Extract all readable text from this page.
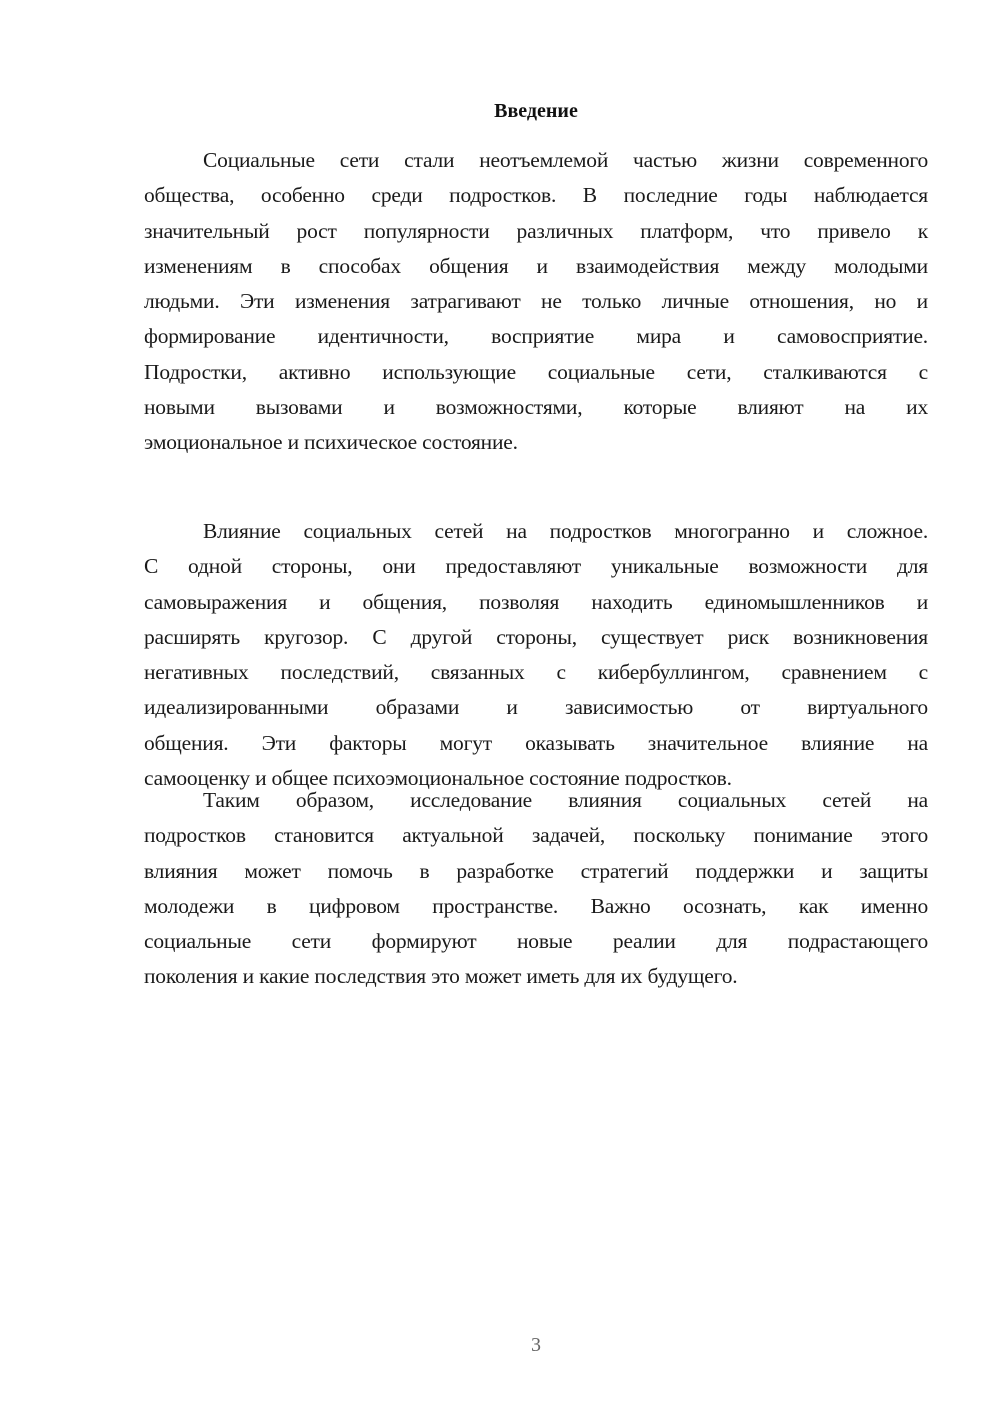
Введение
Социальные сети стали неотъемлемой частью жизни современного
общества, особенно среди подростков. В последние годы наблюдается
значительный рост популярности различных платформ, что привело к
изменениям в способах общения и взаимодействия между молодыми
людьми. Эти изменения затрагивают не только личные отношения, но и
формирование идентичности, восприятие мира и самовосприятие.
Подростки, активно использующие социальные сети, сталкиваются с
новыми вызовами и возможностями, которые влияют на их
эмоциональное и психическое состояние.
Влияние социальных сетей на подростков многогранно и сложное.
С одной стороны, они предоставляют уникальные возможности для
самовыражения и общения, позволяя находить единомышленников и
расширять кругозор. С другой стороны, существует риск возникновения
негативных последствий, связанных с кибербуллингом, сравнением с
идеализированными образами и зависимостью от виртуального
общения. Эти факторы могут оказывать значительное влияние на
самооценку и общее психоэмоциональное состояние подростков.
Таким образом, исследование влияния социальных сетей на
подростков становится актуальной задачей, поскольку понимание этого
влияния может помочь в разработке стратегий поддержки и защиты
молодежи в цифровом пространстве. Важно осознать, как именно
социальные сети формируют новые реалии для подрастающего
поколения и какие последствия это может иметь для их будущего.
3
